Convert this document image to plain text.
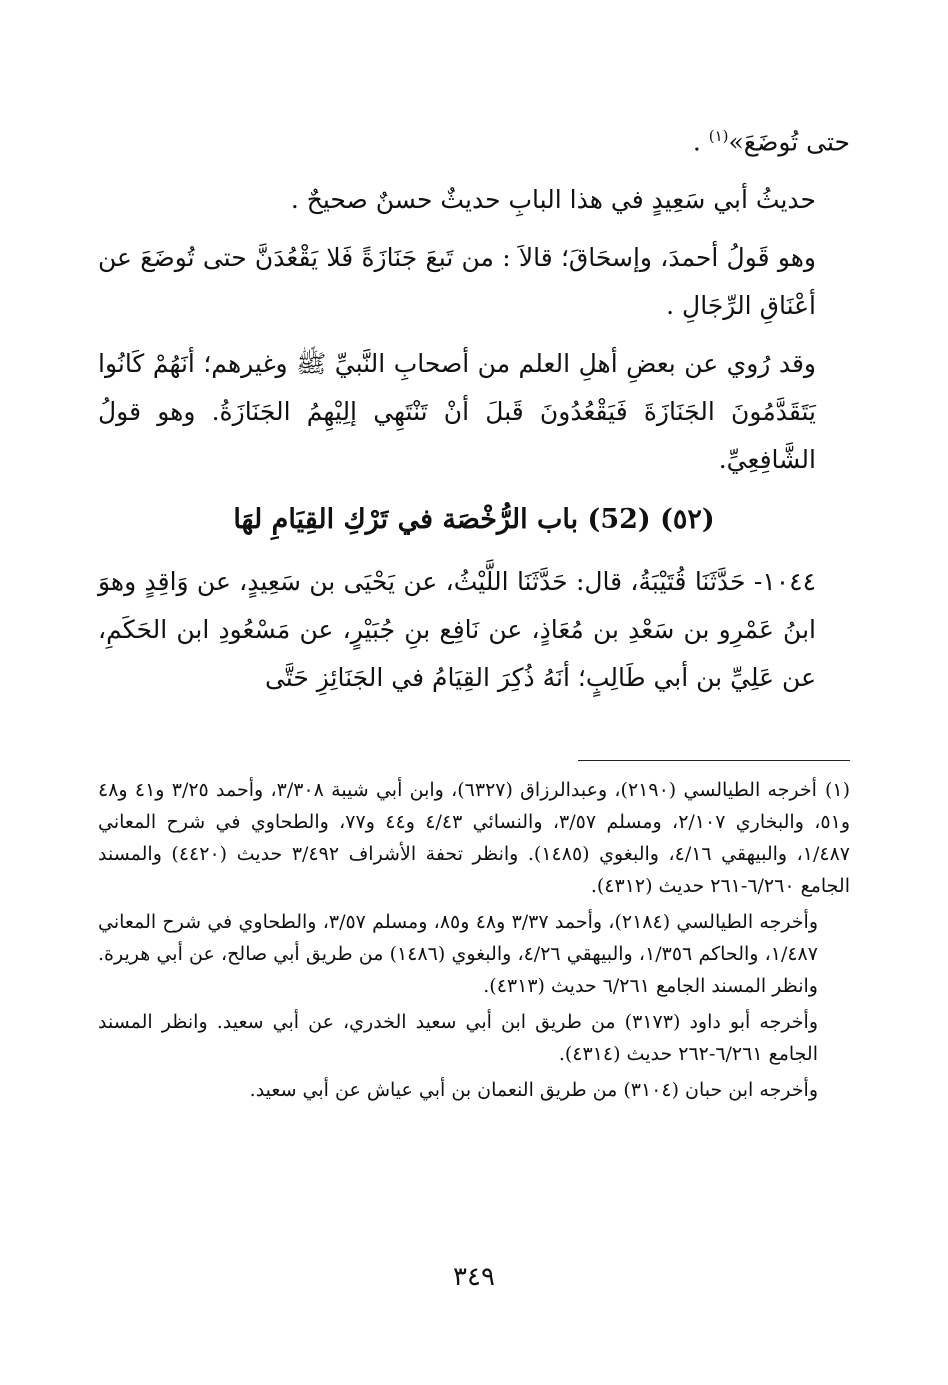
حتى تُوضَعَ»$^{(١)}$ .

حديثُ أبي سَعِيدٍ في هذا البابِ حديثٌ حسنٌ صحيحٌ .

وهو قَولُ أحمدَ، وإسحَاقَ؛ قالاَ : من تَبعَ جَنَازَةً فَلا يَقْعُدَنَّ حتى تُوضَعَ عن أعْنَاقِ الرِّجَالِ .

وقد رُوي عن بعضِ أهلِ العلم من أصحابِ النَّبيِّ ﷺ وغيرهم؛ أنَهُمْ كَانُوا يَتَقَدَّمُونَ الجَنَازَةَ فَيَقْعُدُونَ قَبلَ أنْ تَنْتَهِي إلِيْهِمُ الجَنَازَةُ. وهو قولُ الشَّافِعِيِّ.

(٥٢) (52) باب الرُّخْصَة في تَرْكِ القِيَامِ لهَا

١٠٤٤- حَدَّثَنَا قُتَيْبَةُ، قال: حَدَّثَنَا اللَّيْثُ، عن يَحْيَى بن سَعِيدٍ، عن وَاقِدٍ وهوَ ابنُ عَمْرِو بن سَعْدِ بن مُعَاذٍ، عن نَافِع بنِ جُبَيْرٍ، عن مَسْعُودِ ابن الحَكَمِ، عن عَلِيِّ بن أبي طَالِبٍ؛ أنَهُ ذُكِرَ القِيَامُ في الجَنَائِزِ حَتَّى

(١)أخرجه الطيالسي (٢١٩٠)، وعبدالرزاق (٦٣٢٧)، وابن أبي شيبة ٣/٣٠٨، وأحمد ٣/٢٥ و٤١ و٤٨ و٥١، والبخاري ٢/١٠٧، ومسلم ٣/٥٧، والنسائي ٤/٤٣ و٤٤ و٧٧، والطحاوي في شرح المعاني ١/٤٨٧، والبيهقي ٤/١٦، والبغوي (١٤٨٥). وانظر تحفة الأشراف ٣/٤٩٢ حديث (٤٤٢٠) والمسند الجامع ٦/٢٦٠-٢٦١ حديث (٤٣١٢).

وأخرجه الطيالسي (٢١٨٤)، وأحمد ٣/٣٧ و٤٨ و٨٥، ومسلم ٣/٥٧، والطحاوي في شرح المعاني ١/٤٨٧، والحاكم ١/٣٥٦، والبيهقي ٤/٢٦، والبغوي (١٤٨٦) من طريق أبي صالح، عن أبي هريرة. وانظر المسند الجامع ٦/٢٦١ حديث (٤٣١٣).

وأخرجه أبو داود (٣١٧٣) من طريق ابن أبي سعيد الخدري، عن أبي سعيد. وانظر المسند الجامع ٦/٢٦١-٢٦٢ حديث (٤٣١٤).

وأخرجه ابن حبان (٣١٠٤) من طريق النعمان بن أبي عياش عن أبي سعيد.

٣٤٩
